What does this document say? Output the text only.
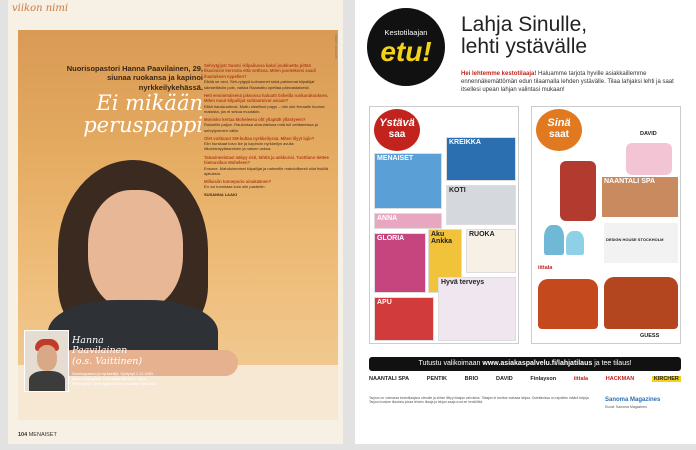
viikon nimi
Nuorisopastori Hanna Paavilainen, 29, siunaa ruokansa ja kapinoi nyrkkeilykehässä.
Ei mikään
peruspappi
TEKSTI JA KUVAT
Sehrytgiyä! Suomi -kilpailussa kaksi joukkuetta pittää likasinisin kerrosta että vottissa. Miten juontekoisi saadi ihastuksen nypellen?
Elkää se oevi. Seh-rytgiyä kolmannet sekä pahimmat kilpailijat säestettäviin pois, vaikka Raamattu opettaa päinvastaisesti.
Heti ensimmäisenä jaksossa haluatti tiskeilla ruokarukouksen. Miten muut kilpailijat suhtautuivat asiaan?
Elikä hauskuutensi. Muttu oleellisut pappi – niin olut ferraalle huorea maisista, jos ei sekua muutakin.
Monisko kertaa Moheleesa olit yllaptäh yllästyeen?
Ruksellin paljon. Raukoissa olosuhteissa mitä tuli vetttaneissa ja sehrytymmen väliin.
Olet voittanut SM-kultaa nyrkkeilyssä. Miten lilyyt lajin?
Elin hurskaat toivo ike ja kapinoin nyrkkeilyn avulla liikuntamyyttaaminen ja naisen uskoa.
Tatuoinneistasi näkyy risti, tähtiä ja ankkurisi. Tuottiuno tiettee hiemusikus Moheleen?
Ensone. Mahdoimmiset kilpailijat ja nahneille mahdollisesti ollut tiskillä ajatuksia.
Millaisiin tunnepurio ainakäänen?
En voi tunnistaa kuin olin pasteriin.
SUSANNA LAAKI
Hanna
Paavilainen
(o.s. Vaittinen)
Nuorisopastori ja nyrkkeilijä. Syntynyt 1.12.1983. Asuu Helsingissä. Harrastaa rinkotuin. Asuu Helsingissä. Sehrytgiyä Suomi torstaisin Nelosella.
104 MENAISET
Kestotilaajan
etu!
Lahja Sinulle,
lehti ystävälle
Hei lehtemme kestotilaaja! Haluamme tarjota hyville asiakkaillemme ennennäkemättömän edun tilaamalla lehden ystävälle. Tilaa lahjaksi lehti ja saat itsellesi upean lahjan valintasi mukaan!
Ystävä
saa
MENAISET
KREIKKA
KOTI
ANNA
GLORIA
Aku Ankka
RUOKA
APU
Hyvä terveys
Sinä
saat	DAVID
NAANTALI SPA
iittala
DESIGN HOUSE STOCKHOLM
GUESS
Tutustu valikoimaan www.asiakaspalvelu.fi/lahjatilaus ja tee tilaus!
NAANTALI SPA	PENTIK	BRIO	DAVID	Finlayson	iittala	HACKMAN	KIRCHER
Tarjous on voimassa kestotilaajana olevalle ja siihen liittyy tilaajan vahvistus. Tilaajan ei tarvitse maksaa lahjaa. Ostettavissa on rajoitettu määrä lahjoja. Tarjous koskee tilauksia joissa lehden tilaaja ja lahjan saaja ovat eri henkilöitä.	Sanoma Magazines
Kuvat: Sanoma Magazines
